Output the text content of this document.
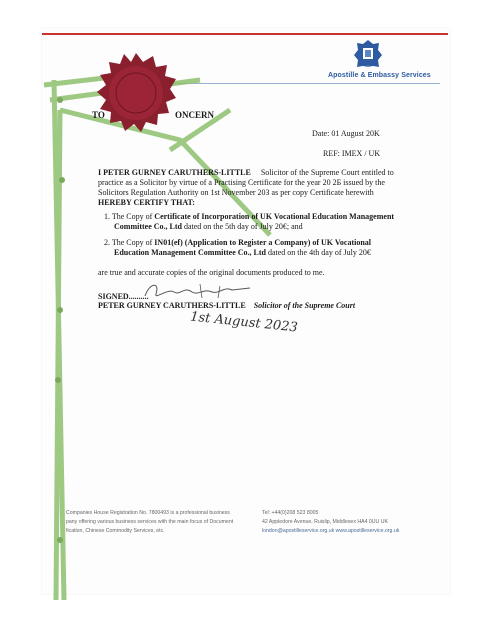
Apostille & Embassy Services
TO	ONCERN
Date: 01 August 20K
REF: IMEX / UK
I PETER GURNEY CARUTHERS-LITTLE Solicitor of the Supreme Court entitled to
practice as a Solicitor by virtue of a Practising Certificate for the year 20 2Б issued by the
Solicitors Regulation Authority on 1st November 20З as per copy Certificate herewith
HEREBY CERTIFY THAT:
1. The Copy of Certificate of Incorporation of UK Vocational Education Management
Committee Co., Ltd dated on the 5th day of July 20€; and
2. The Copy of IN01(ef) (Application to Register a Company) of UK Vocational
Education Management Committee Co., Ltd dated on the 4th day of July 20€
are true and accurate copies of the original documents produced to me.
SIGNED..........
PETER GURNEY CARUTHERS-LITTLE Solicitor of the Supreme Court
1st August 2023
Companies House Registration No. 7800493 is a professional business
pany offering various business services with the main focus of Document
fication, Chinese Commodity Services, etc.
Tel: +44(0)208 523 8005
42 Appledore Avenue, Ruislip, Middlesex HA4 0UU UK
london@apostilleservice.org.uk www.apostilleservice.org.uk
